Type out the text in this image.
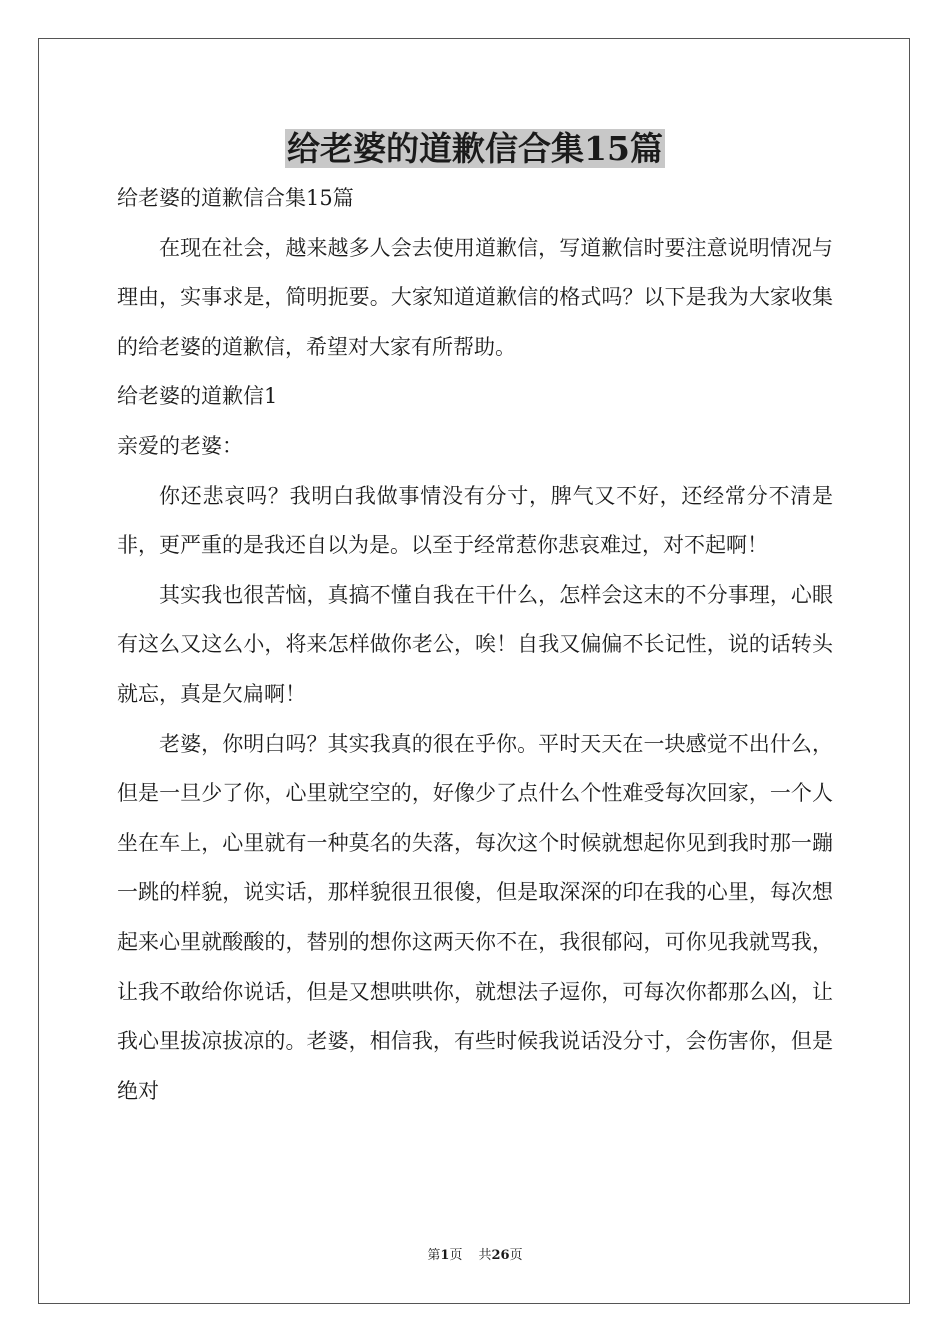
给老婆的道歉信合集15篇

给老婆的道歉信合集15篇

在现在社会，越来越多人会去使用道歉信，写道歉信时要注意说明情况与理由，实事求是，简明扼要。大家知道道歉信的格式吗？以下是我为大家收集的给老婆的道歉信，希望对大家有所帮助。

给老婆的道歉信1

亲爱的老婆：

你还悲哀吗？我明白我做事情没有分寸，脾气又不好，还经常分不清是非，更严重的是我还自以为是。以至于经常惹你悲哀难过，对不起啊！

其实我也很苦恼，真搞不懂自我在干什么，怎样会这末的不分事理，心眼有这么又这么小，将来怎样做你老公，唉！自我又偏偏不长记性，说的话转头就忘，真是欠扁啊！

老婆，你明白吗？其实我真的很在乎你。平时天天在一块感觉不出什么，但是一旦少了你，心里就空空的，好像少了点什么个性难受每次回家，一个人坐在车上，心里就有一种莫名的失落，每次这个时候就想起你见到我时那一蹦一跳的样貌，说实话，那样貌很丑很傻，但是取深深的印在我的心里，每次想起来心里就酸酸的，替别的想你这两天你不在，我很郁闷，可你见我就骂我，让我不敢给你说话，但是又想哄哄你，就想法子逗你，可每次你都那么凶，让我心里拔凉拔凉的。老婆，相信我，有些时候我说话没分寸，会伤害你，但是绝对

第1页 共26页
